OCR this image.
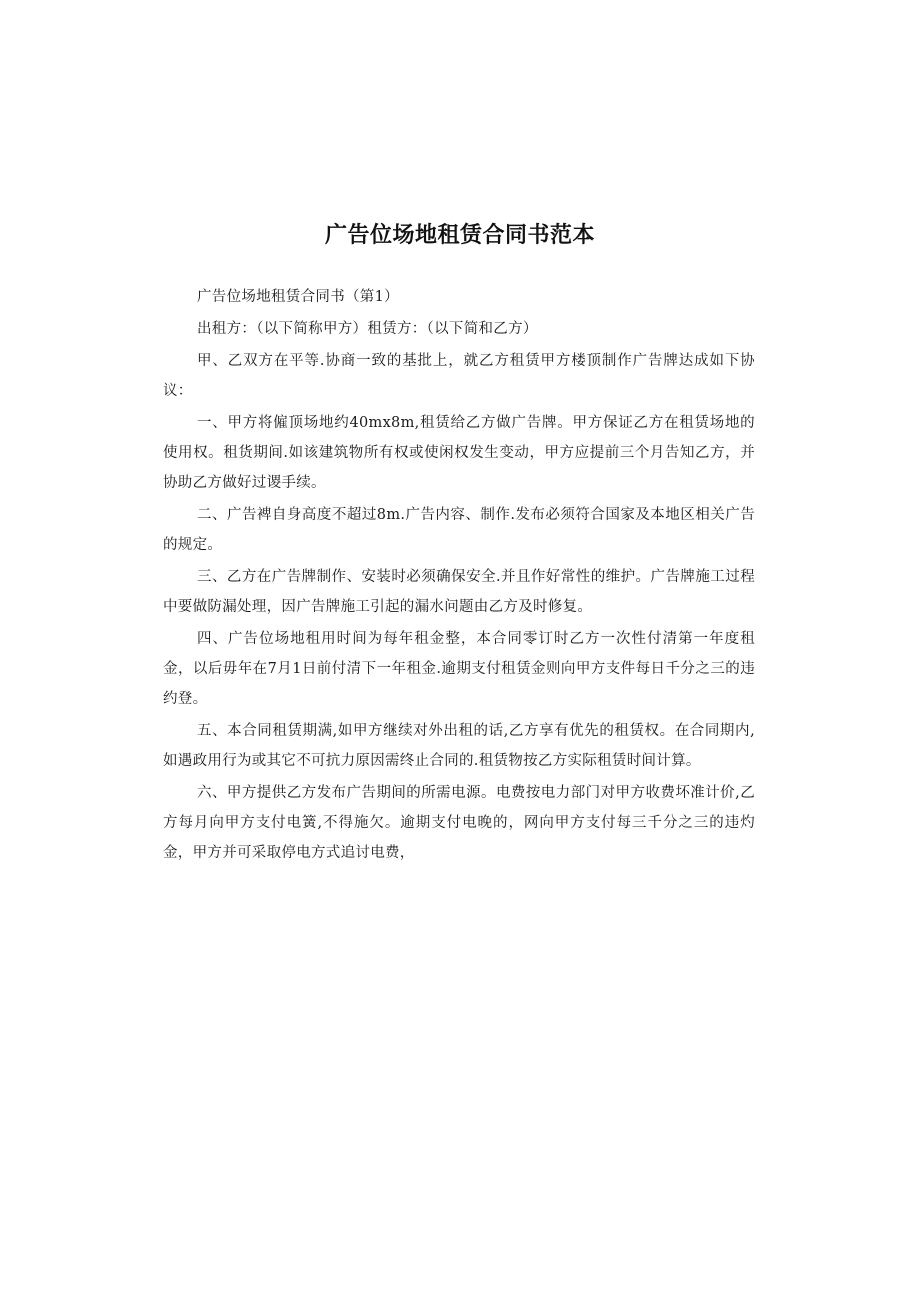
广告位场地租赁合同书范本

广告位场地租赁合同书（第1）

出租方：（以下简称甲方）租赁方：（以下简和乙方）

甲、乙双方在平等.协商一致的基批上，就乙方租赁甲方楼顶制作广告牌达成如下协议：

一、甲方将僱顶场地约40mx8m,租赁给乙方做广告牌。甲方保证乙方在租赁场地的使用权。租货期间.如该建筑物所有权或使闲权发生变动，甲方应提前三个月告知乙方，并协助乙方做好过谡手续。

二、广告裨自身高度不超过8m.广告内容、制作.发布必须符合国家及本地区相关广告的规定。

三、乙方在广告牌制作、安装时必须确保安全.并且作好常性的维护。广告牌施工过程中要做防漏处理，因广告牌施工引起的漏水问题由乙方及时修复。

四、广告位场地租用时间为每年租金整，本合同零订时乙方一次性付清第一年度租金，以后毋年在7月1日前付清下一年租金.逾期支付租赁金则向甲方支件每日千分之三的违约登。

五、本合同租赁期满,如甲方继续对外出租的话,乙方享有优先的租赁权。在合同期内,如遇政用行为或其它不可抗力原因需终止合同的.租赁物按乙方实际租赁时间计算。

六、甲方提供乙方发布广告期间的所需电源。电费按电力部门对甲方收费坏准计价,乙方每月向甲方支付电簧,不得施欠。逾期支付电晚的，网向甲方支付每三千分之三的违灼金，甲方并可采取停电方式追讨电费，
